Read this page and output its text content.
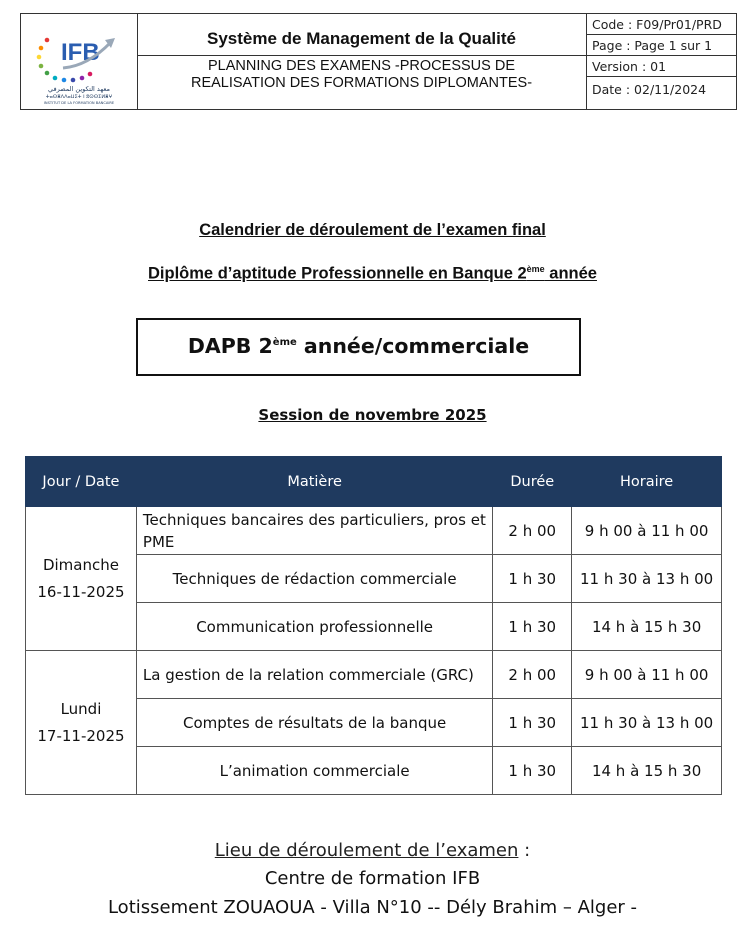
IFB
معهد التكوين المصرفي
ⵜⴰⵙⴻⴷⴷⴰⵡⵉⵜ ⵏ ⵓⵙⵙⵉⵍⴻⵖ
INSTITUT DE LA FORMATION BANCAIRE
Système de Management de la Qualité
PLANNING DES EXAMENS -PROCESSUS DE
REALISATION DES FORMATIONS DIPLOMANTES-
Code : F09/Pr01/PRD
Page : Page 1 sur 1
Version : 01
Date : 02/11/2024
Calendrier de déroulement de l’examen final
Diplôme d’aptitude Professionnelle en Banque 2ème année
DAPB 2ème année/commerciale
Session de novembre 2025
Jour / Date	Matière	Durée	Horaire

Dimanche
16-11-2025	Techniques bancaires des particuliers, pros et PME	2 h 00	9 h 00 à 11 h 00
	Techniques de rédaction commerciale	1 h 30	11 h 30 à 13 h 00
	Communication professionnelle	1 h 30	14 h à 15 h 30

Lundi
17-11-2025	La gestion de la relation commerciale (GRC)	2 h 00	9 h 00 à 11 h 00
	Comptes de résultats de la banque	1 h 30	11 h 30 à 13 h 00
	L’animation commerciale	1 h 30	14 h à 15 h 30
Lieu de déroulement de l’examen :
Centre de formation IFB
Lotissement ZOUAOUA - Villa N°10 -- Dély Brahim – Alger -
